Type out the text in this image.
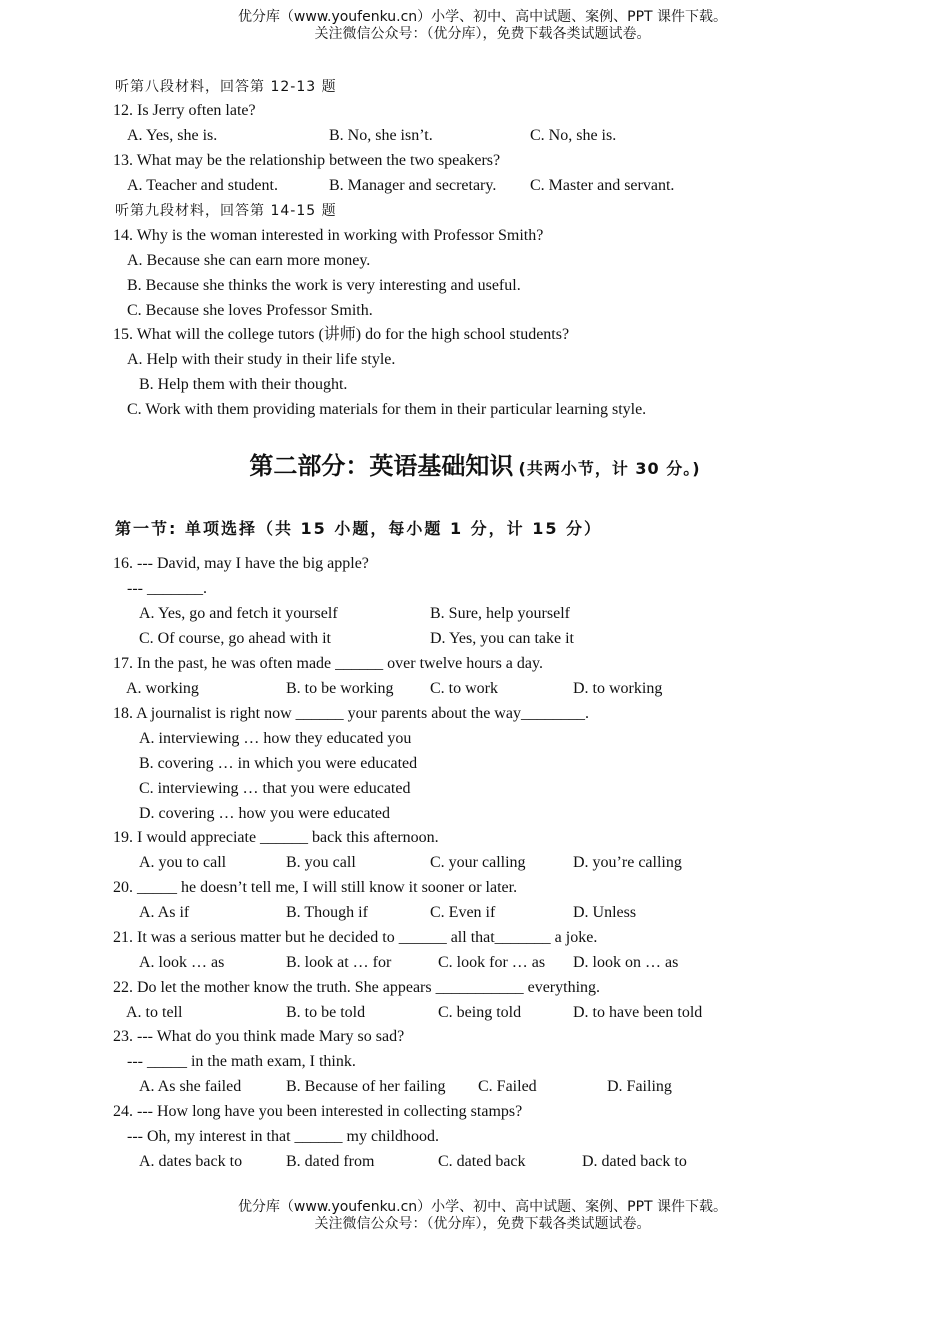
优分库（www.youfenku.cn）小学、初中、高中试题、案例、PPT 课件下载。
关注微信公众号：（优分库），免费下载各类试题试卷。
听第八段材料，回答第 12-13 题
12. Is Jerry often late?
A. Yes, she is.	B. No, she isn’t.	C. No, she is.
13. What may be the relationship between the two speakers?
A. Teacher and student.	B. Manager and secretary. C. Master and servant.
听第九段材料，回答第 14-15 题
14. Why is the woman interested in working with Professor Smith?
A. Because she can earn more money.
B. Because she thinks the work is very interesting and useful.
C. Because she loves Professor Smith.
15. What will the college tutors (讲师) do for the high school students?
A. Help with their study in their life style.
B. Help them with their thought.
C. Work with them providing materials for them in their particular learning style.
第二部分：英语基础知识 (共两小节，计 30 分。)
第一节: 单项选择（共 15 小题，每小题 1 分，计 15 分）
16. --- David, may I have the big apple?
--- _______.
A. Yes, go and fetch it yourself	B. Sure, help yourself
C. Of course, go ahead with it	D. Yes, you can take it
17. In the past, he was often made ______ over twelve hours a day.
A. working	B. to be working C. to work	D. to working
18. A journalist is right now ______ your parents about the way________.
A. interviewing … how they educated you
B. covering … in which you were educated
C. interviewing … that you were educated
D. covering … how you were educated
19. I would appreciate ______ back this afternoon.
A. you to call	B. you call	C. your calling	D. you’re calling
20. _____ he doesn’t tell me, I will still know it sooner or later.
A. As if	B. Though if	C. Even if	D. Unless
21. It was a serious matter but he decided to ______ all that_______ a joke.
A. look … as	B. look at … for	C. look for … as D. look on … as
22. Do let the mother know the truth. She appears ___________ everything.
A. to tell	B. to be told	C. being told	D. to have been told
23. --- What do you think made Mary so sad?
--- _____ in the math exam, I think.
A. As she failed	B. Because of her failing C. Failed	D. Failing
24. --- How long have you been interested in collecting stamps?
--- Oh, my interest in that ______ my childhood.
A. dates back to	B. dated from	C. dated back	D. dated back to
优分库（www.youfenku.cn）小学、初中、高中试题、案例、PPT 课件下载。
关注微信公众号：（优分库），免费下载各类试题试卷。
